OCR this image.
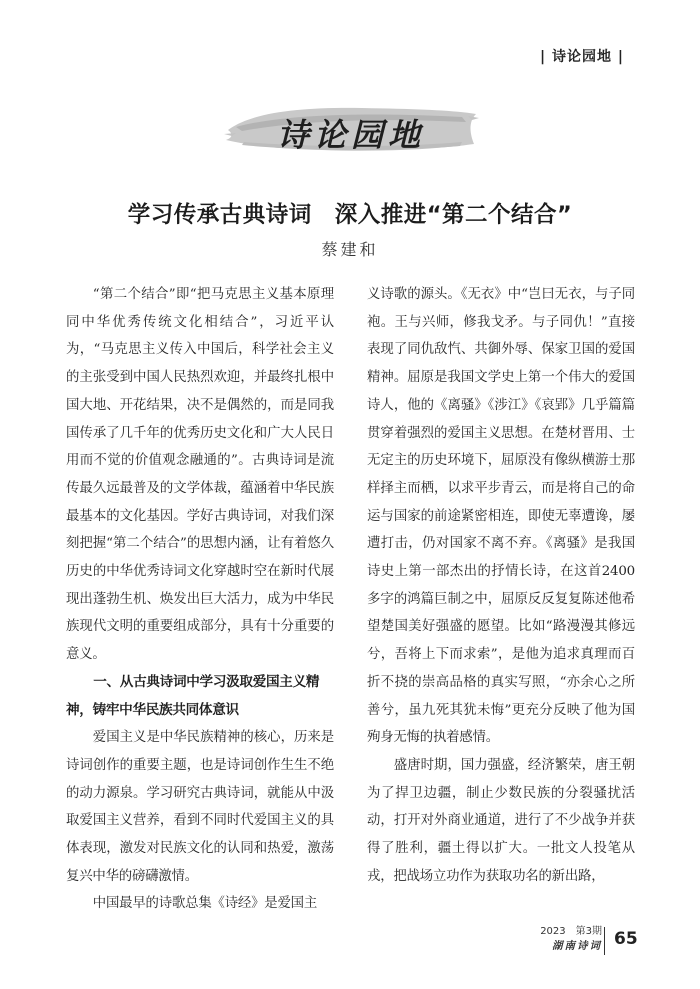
| 诗论园地 |
诗论园地
学习传承古典诗词　深入推进“第二个结合”
蔡建和

“第二个结合”即“把马克思主义基本原理同中华优秀传统文化相结合”，习近平认为，“马克思主义传入中国后，科学社会主义的主张受到中国人民热烈欢迎，并最终扎根中国大地、开花结果，决不是偶然的，而是同我国传承了几千年的优秀历史文化和广大人民日用而不觉的价值观念融通的”。古典诗词是流传最久远最普及的文学体裁，蕴涵着中华民族最基本的文化基因。学好古典诗词，对我们深刻把握“第二个结合”的思想内涵，让有着悠久历史的中华优秀诗词文化穿越时空在新时代展现出蓬勃生机、焕发出巨大活力，成为中华民族现代文明的重要组成部分，具有十分重要的意义。

一、从古典诗词中学习汲取爱国主义精神，铸牢中华民族共同体意识

爱国主义是中华民族精神的核心，历来是诗词创作的重要主题，也是诗词创作生生不绝的动力源泉。学习研究古典诗词，就能从中汲取爱国主义营养，看到不同时代爱国主义的具体表现，激发对民族文化的认同和热爱，激荡复兴中华的磅礴激情。

中国最早的诗歌总集《诗经》是爱国主

义诗歌的源头。《无衣》中“岂曰无衣，与子同袍。王与兴师，修我戈矛。与子同仇！”直接表现了同仇敌忾、共御外辱、保家卫国的爱国精神。屈原是我国文学史上第一个伟大的爱国诗人，他的《离骚》《涉江》《哀郢》几乎篇篇贯穿着强烈的爱国主义思想。在楚材晋用、士无定主的历史环境下，屈原没有像纵横游士那样择主而栖，以求平步青云，而是将自己的命运与国家的前途紧密相连，即使无辜遭谗，屡遭打击，仍对国家不离不弃。《离骚》是我国诗史上第一部杰出的抒情长诗，在这首2400多字的鸿篇巨制之中，屈原反反复复陈述他希望楚国美好强盛的愿望。比如“路漫漫其修远兮，吾将上下而求索”，是他为追求真理而百折不挠的崇高品格的真实写照，“亦余心之所善兮，虽九死其犹未悔”更充分反映了他为国殉身无悔的执着感情。

盛唐时期，国力强盛，经济繁荣，唐王朝为了捍卫边疆，制止少数民族的分裂骚扰活动，打开对外商业通道，进行了不少战争并获得了胜利，疆土得以扩大。一批文人投笔从戎，把战场立功作为获取功名的新出路，

2023　第3期
湖南诗词 65
